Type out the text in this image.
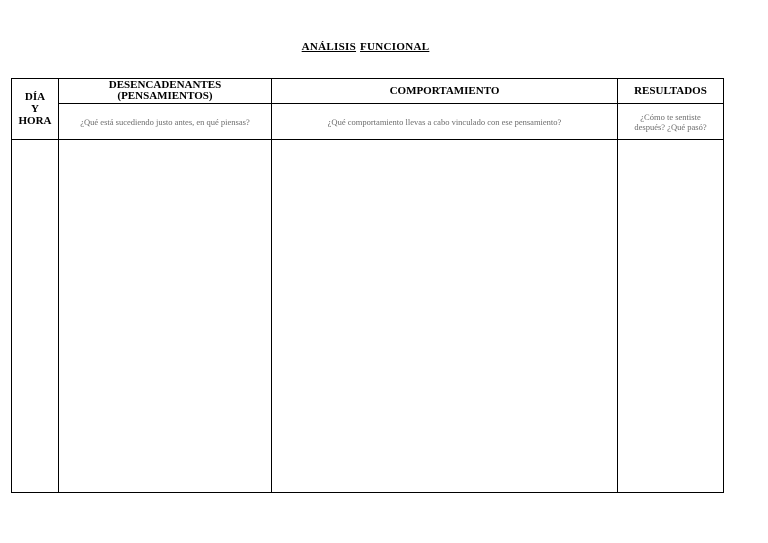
ANÁLISIS FUNCIONAL
DÍA
Y
HORA
DESENCADENANTES
(PENSAMIENTOS)
¿Qué está sucediendo justo antes, en qué piensas?
COMPORTAMIENTO
¿Qué comportamiento llevas a cabo vinculado con ese pensamiento?
RESULTADOS
¿Cómo te sentiste
después? ¿Qué pasó?
